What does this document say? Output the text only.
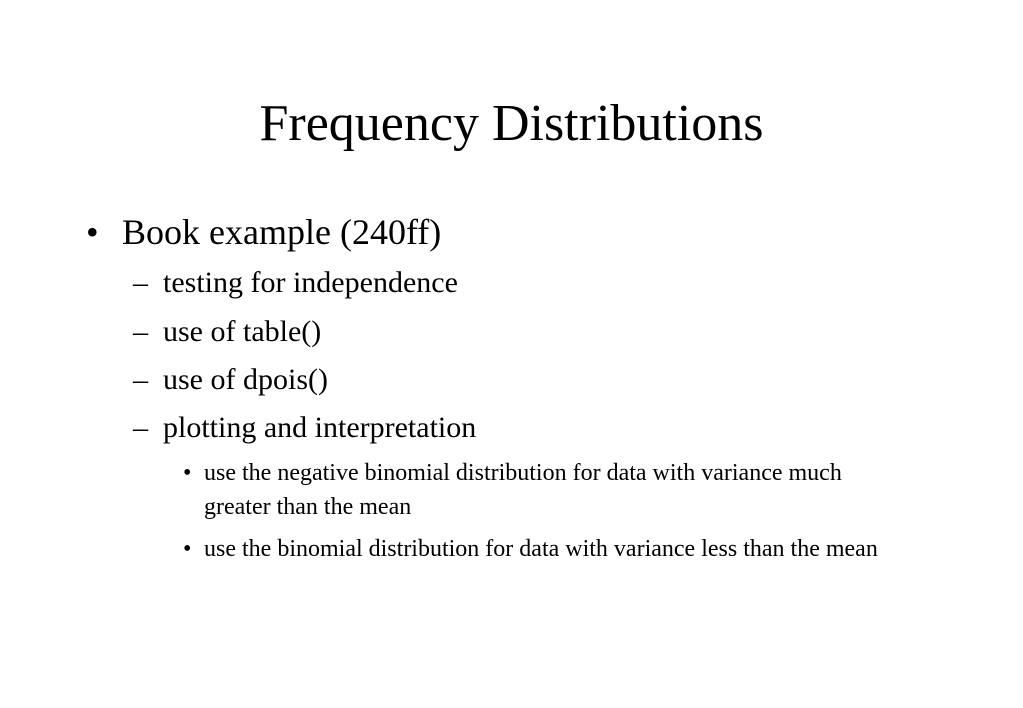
Frequency Distributions
• Book example (240ff)
– testing for independence
– use of table()
– use of dpois()
– plotting and interpretation
• use the negative binomial distribution for data with variance much greater than the mean
• use the binomial distribution for data with variance less than the mean
